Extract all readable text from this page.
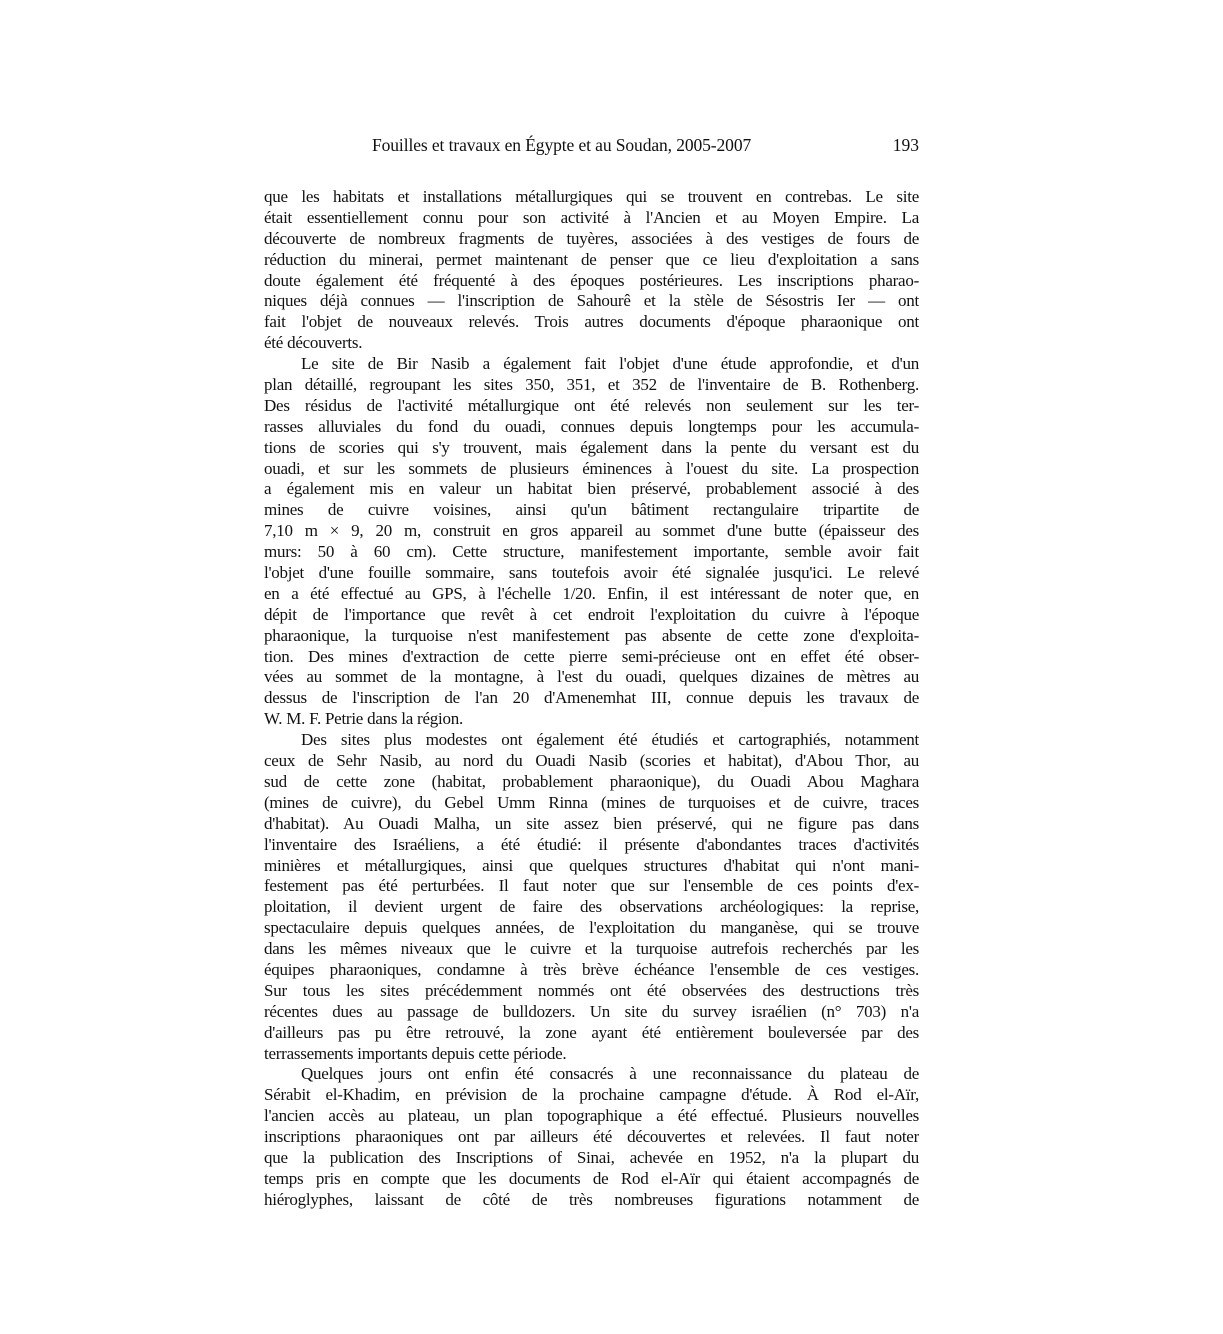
Fouilles et travaux en Égypte et au Soudan, 2005-2007	193
que les habitats et installations métallurgiques qui se trouvent en contrebas. Le site
était essentiellement connu pour son activité à l'Ancien et au Moyen Empire. La
découverte de nombreux fragments de tuyères, associées à des vestiges de fours de
réduction du minerai, permet maintenant de penser que ce lieu d'exploitation a sans
doute également été fréquenté à des époques postérieures. Les inscriptions pharao-
niques déjà connues — l'inscription de Sahourê et la stèle de Sésostris Ier — ont
fait l'objet de nouveaux relevés. Trois autres documents d'époque pharaonique ont
été découverts.
Le site de Bir Nasib a également fait l'objet d'une étude approfondie, et d'un
plan détaillé, regroupant les sites 350, 351, et 352 de l'inventaire de B. Rothenberg.
Des résidus de l'activité métallurgique ont été relevés non seulement sur les ter-
rasses alluviales du fond du ouadi, connues depuis longtemps pour les accumula-
tions de scories qui s'y trouvent, mais également dans la pente du versant est du
ouadi, et sur les sommets de plusieurs éminences à l'ouest du site. La prospection
a également mis en valeur un habitat bien préservé, probablement associé à des
mines de cuivre voisines, ainsi qu'un bâtiment rectangulaire tripartite de
7,10 m × 9, 20 m, construit en gros appareil au sommet d'une butte (épaisseur des
murs: 50 à 60 cm). Cette structure, manifestement importante, semble avoir fait
l'objet d'une fouille sommaire, sans toutefois avoir été signalée jusqu'ici. Le relevé
en a été effectué au GPS, à l'échelle 1/20. Enfin, il est intéressant de noter que, en
dépit de l'importance que revêt à cet endroit l'exploitation du cuivre à l'époque
pharaonique, la turquoise n'est manifestement pas absente de cette zone d'exploita-
tion. Des mines d'extraction de cette pierre semi-précieuse ont en effet été obser-
vées au sommet de la montagne, à l'est du ouadi, quelques dizaines de mètres au
dessus de l'inscription de l'an 20 d'Amenemhat III, connue depuis les travaux de
W. M. F. Petrie dans la région.
Des sites plus modestes ont également été étudiés et cartographiés, notamment
ceux de Sehr Nasib, au nord du Ouadi Nasib (scories et habitat), d'Abou Thor, au
sud de cette zone (habitat, probablement pharaonique), du Ouadi Abou Maghara
(mines de cuivre), du Gebel Umm Rinna (mines de turquoises et de cuivre, traces
d'habitat). Au Ouadi Malha, un site assez bien préservé, qui ne figure pas dans
l'inventaire des Israéliens, a été étudié: il présente d'abondantes traces d'activités
minières et métallurgiques, ainsi que quelques structures d'habitat qui n'ont mani-
festement pas été perturbées. Il faut noter que sur l'ensemble de ces points d'ex-
ploitation, il devient urgent de faire des observations archéologiques: la reprise,
spectaculaire depuis quelques années, de l'exploitation du manganèse, qui se trouve
dans les mêmes niveaux que le cuivre et la turquoise autrefois recherchés par les
équipes pharaoniques, condamne à très brève échéance l'ensemble de ces vestiges.
Sur tous les sites précédemment nommés ont été observées des destructions très
récentes dues au passage de bulldozers. Un site du survey israélien (n° 703) n'a
d'ailleurs pas pu être retrouvé, la zone ayant été entièrement bouleversée par des
terrassements importants depuis cette période.
Quelques jours ont enfin été consacrés à une reconnaissance du plateau de
Sérabit el-Khadim, en prévision de la prochaine campagne d'étude. À Rod el-Aïr,
l'ancien accès au plateau, un plan topographique a été effectué. Plusieurs nouvelles
inscriptions pharaoniques ont par ailleurs été découvertes et relevées. Il faut noter
que la publication des Inscriptions of Sinai, achevée en 1952, n'a la plupart du
temps pris en compte que les documents de Rod el-Aïr qui étaient accompagnés de
hiéroglyphes, laissant de côté de très nombreuses figurations notamment de
